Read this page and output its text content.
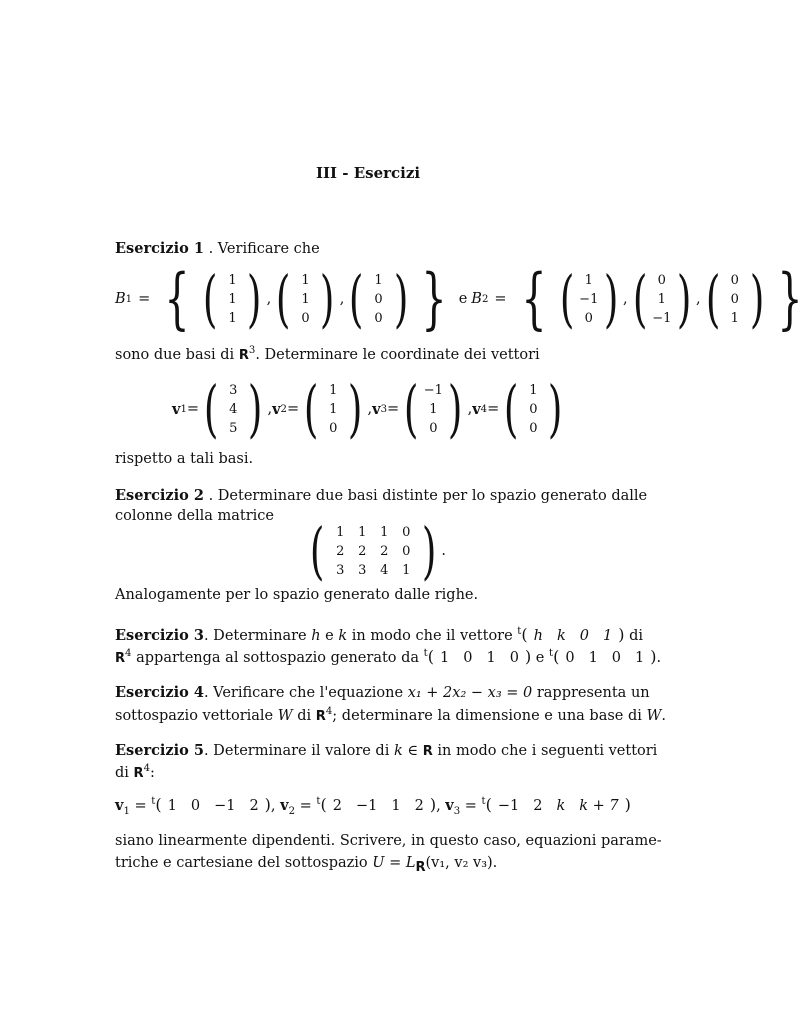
III - Esercizi
Esercizio 1 . Verificare che
B 1 = { ( 1
1
1 ) , ( 1
1
0 ) , ( 1
0
0 ) } e B 2 = { ( 1
−1
0 ) , ( 0
1
−1 ) , ( 0
0
1 ) }
sono due basi di $R^3$. Determinare le coordinate dei vettori
v 1 = ( 3
4
5 ) , v 2 = ( 1
1
0 ) , v 3 = ( −1
1
0 ) , v 4 = ( 1
0
0 )
rispetto a tali basi.
Esercizio 2 . Determinare due basi distinte per lo spazio generato dalle
colonne della matrice ( 1	1	1	0
2	2	2	0
3	3	4	1 ) .
Analogamente per lo spazio generato dalle righe.
Esercizio 3. Determinare h e k in modo che il vettore $^t$( h k 0 1 ) di
$R^4$ appartenga al sottospazio generato da $^t$( 1 0 1 0 ) e $^t$( 0 1 0 1 ).
Esercizio 4. Verificare che l'equazione x₁ + 2x₂ − x₃ = 0 rappresenta un
sottospazio vettoriale W di $R^4$; determinare la dimensione e una base di W.
Esercizio 5. Determinare il valore di k ∈ R in modo che i seguenti vettori
di $R^4$:
$v_1 = ^t$( 1 0 −1 2 ), $v_2 = ^t$( 2 −1 1 2 ), $v_3 = ^t( -1$ 2 k k + 7 )
siano linearmente dipendenti. Scrivere, in questo caso, equazioni parame-
triche e cartesiane del sottospazio $U = L_R(v_1$, v₂ v₃).
